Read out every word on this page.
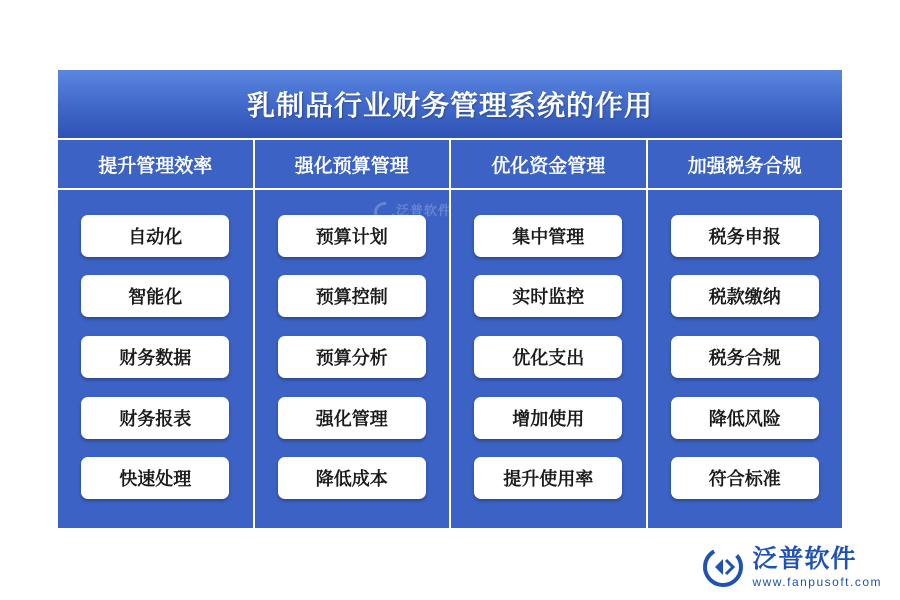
乳制品行业财务管理系统的作用
提升管理效率
自动化
智能化
财务数据
财务报表
快速处理
强化预算管理
预算计划
预算控制
预算分析
强化管理
降低成本
优化资金管理
集中管理
实时监控
优化支出
增加使用
提升使用率
加强税务合规
税务申报
税款缴纳
税务合规
降低风险
符合标准
泛普软件
泛普软件
www.fanpusoft.com
